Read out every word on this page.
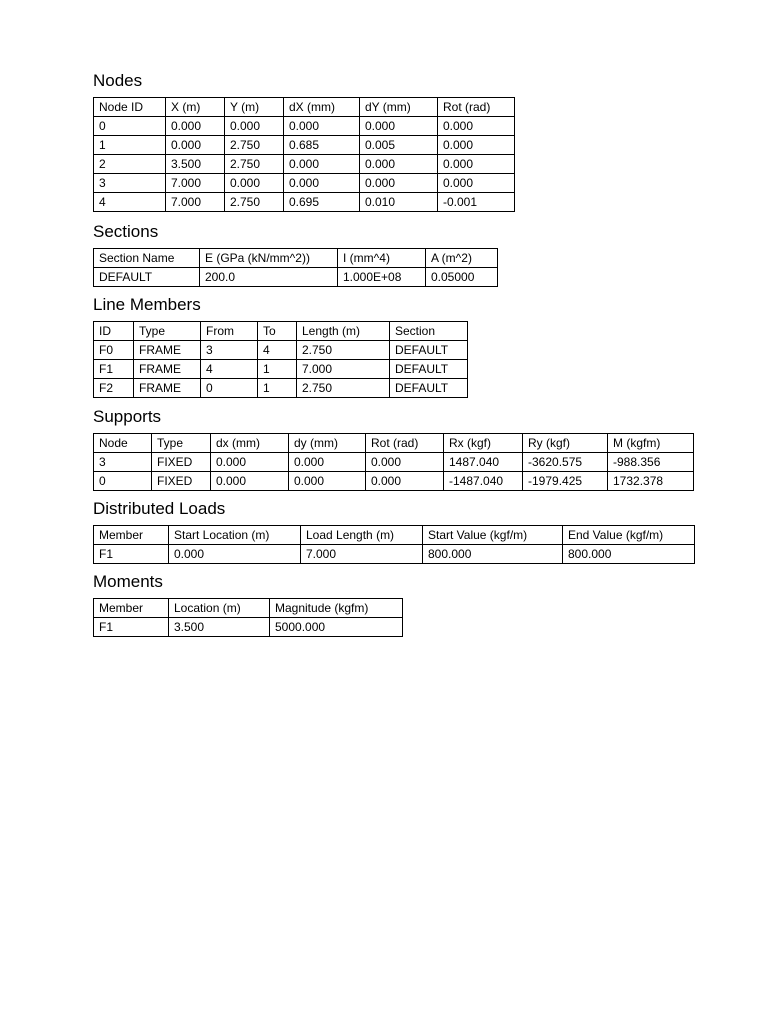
Nodes
Node ID	X (m)	Y (m)	dX (mm)	dY (mm)	Rot (rad)
0	0.000	0.000	0.000	0.000	0.000
1	0.000	2.750	0.685	0.005	0.000
2	3.500	2.750	0.000	0.000	0.000
3	7.000	0.000	0.000	0.000	0.000
4	7.000	2.750	0.695	0.010	-0.001
Sections
Section Name	E (GPa (kN/mm^2))	I (mm^4)	A (m^2)
DEFAULT	200.0	1.000E+08	0.05000
Line Members
ID	Type	From	To	Length (m)	Section
F0	FRAME	3	4	2.750	DEFAULT
F1	FRAME	4	1	7.000	DEFAULT
F2	FRAME	0	1	2.750	DEFAULT
Supports
Node	Type	dx (mm)	dy (mm)	Rot (rad)	Rx (kgf)	Ry (kgf)	M (kgfm)
3	FIXED	0.000	0.000	0.000	1487.040	-3620.575	-988.356
0	FIXED	0.000	0.000	0.000	-1487.040	-1979.425	1732.378
Distributed Loads
Member	Start Location (m)	Load Length (m)	Start Value (kgf/m)	End Value (kgf/m)
F1	0.000	7.000	800.000	800.000
Moments
Member	Location (m)	Magnitude (kgfm)
F1	3.500	5000.000
